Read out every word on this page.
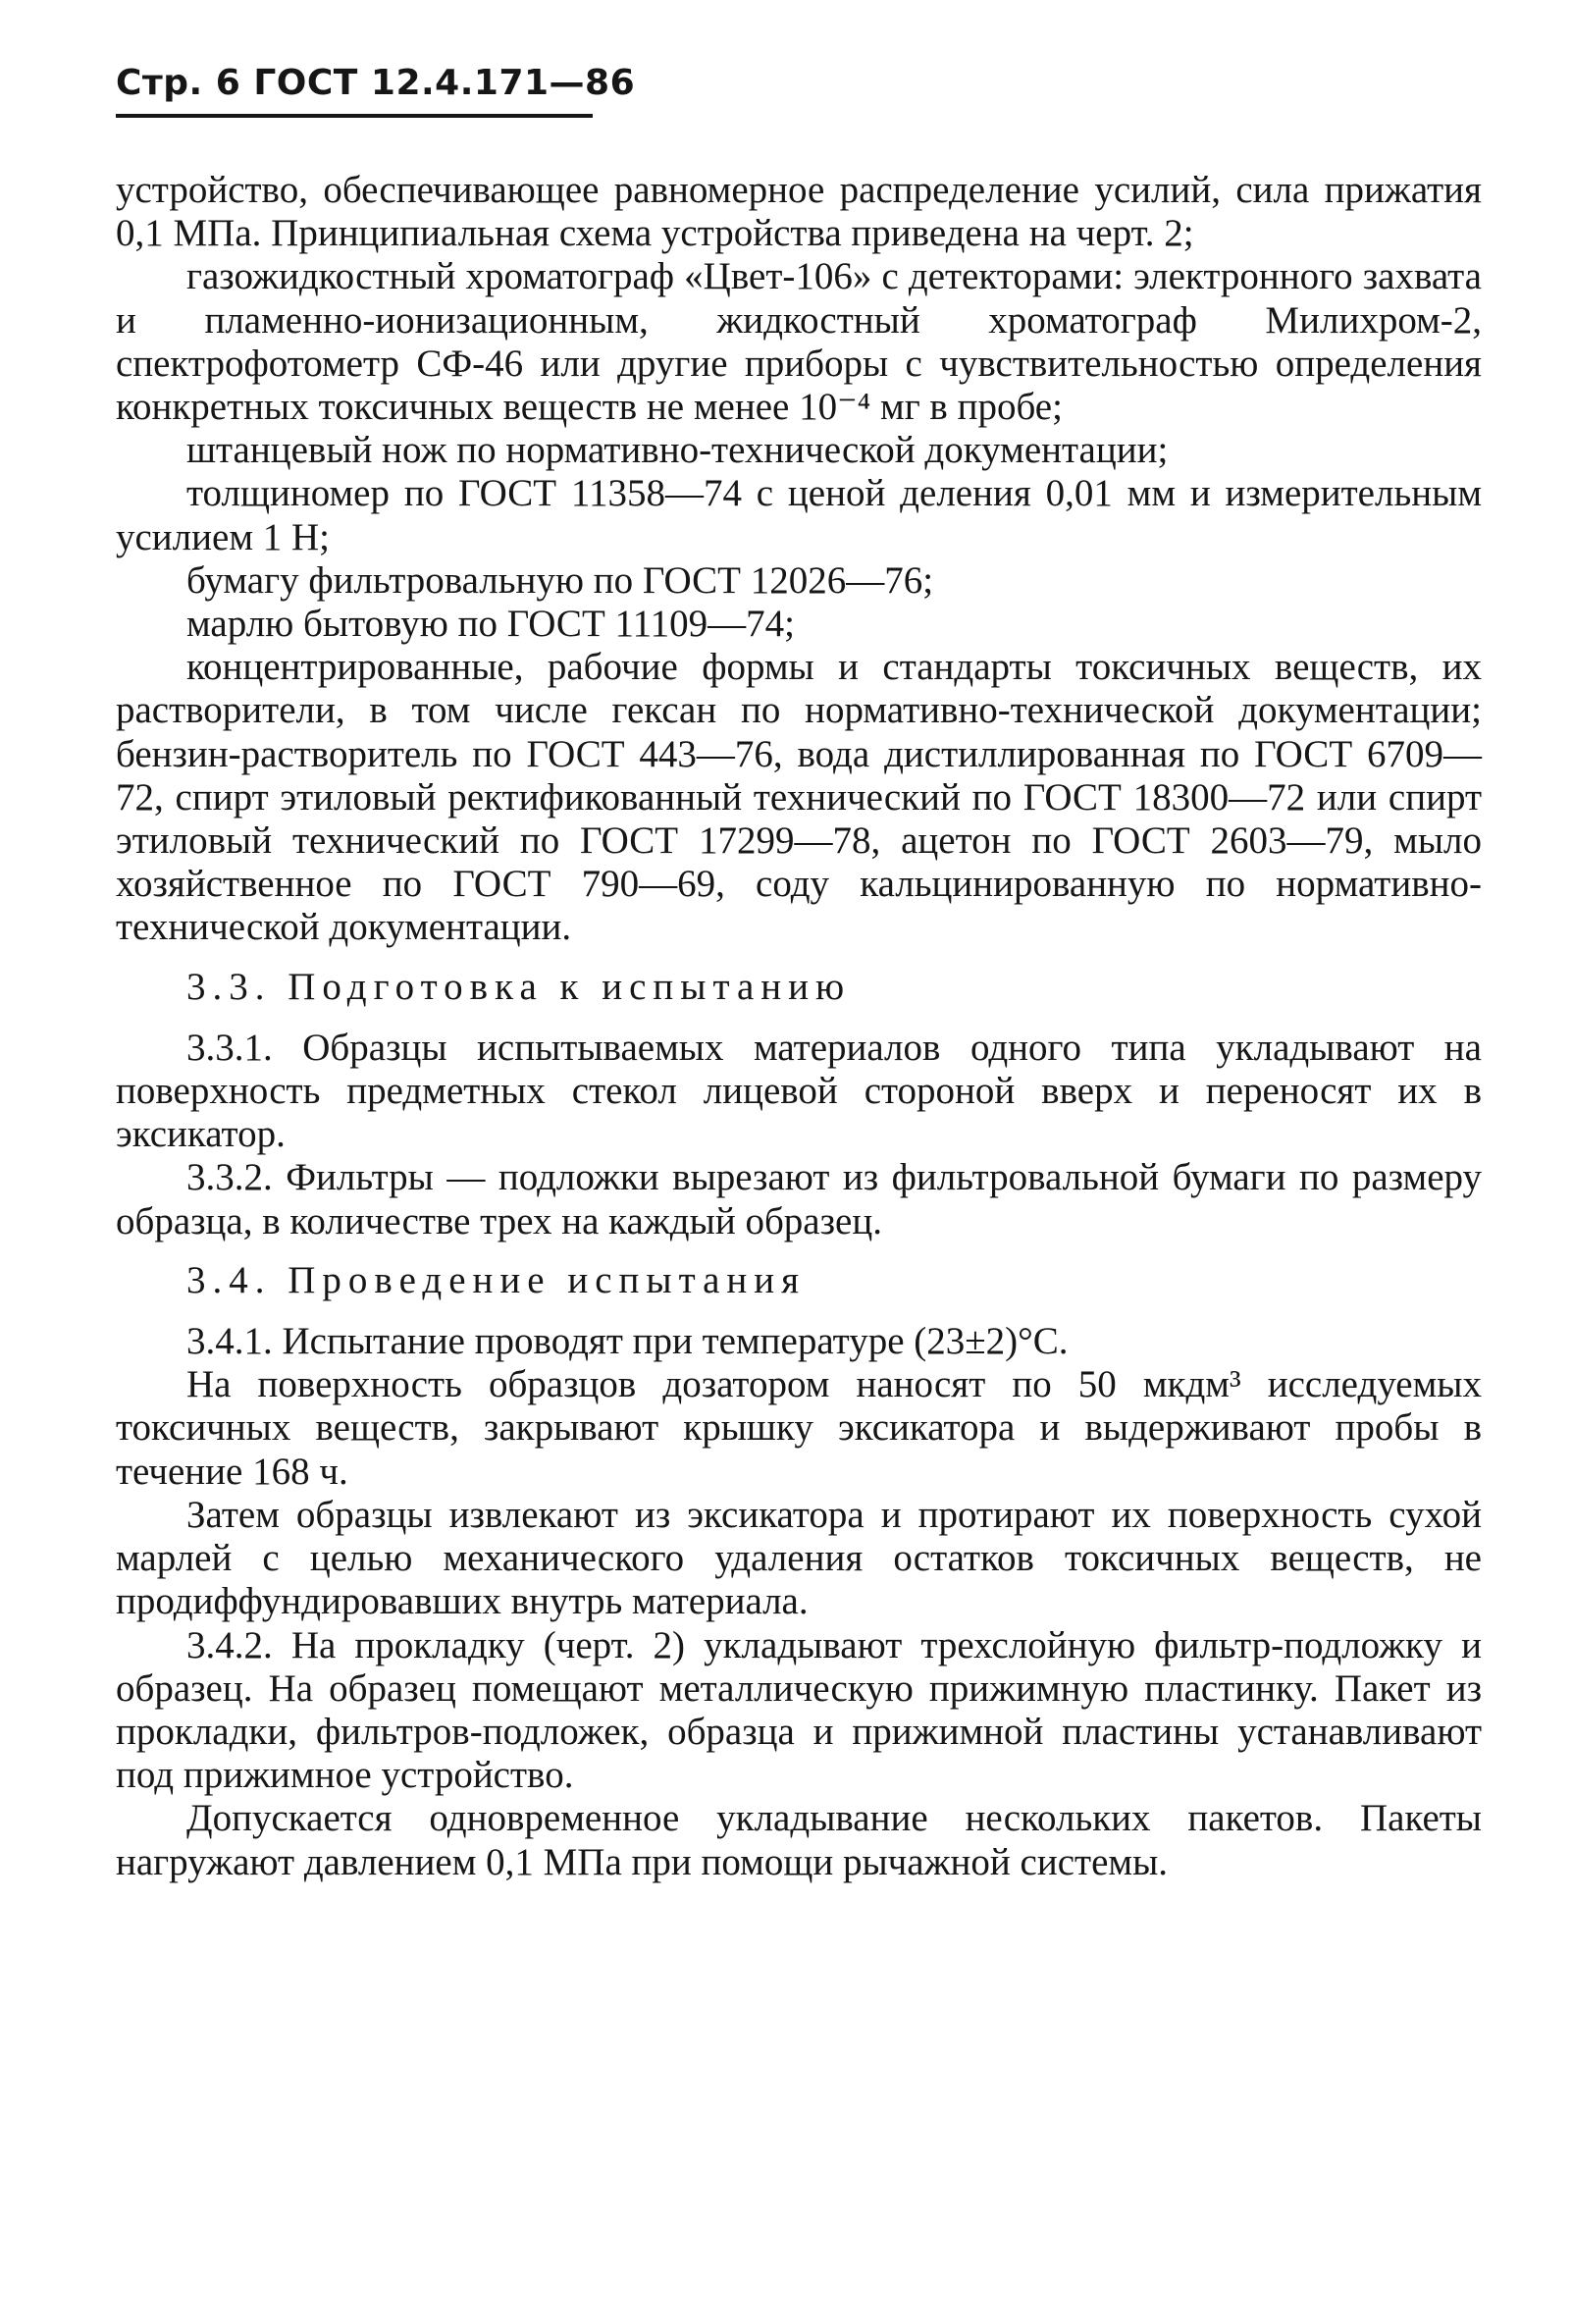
Стр. 6 ГОСТ 12.4.171—86

устройство, обеспечивающее равномерное распределение усилий, сила прижатия 0,1 МПа. Принципиальная схема устройства приведена на черт. 2;

газожидкостный хроматограф «Цвет-106» с детекторами: электронного захвата и пламенно-ионизационным, жидкостный хроматограф Милихром-2, спектрофотометр СФ-46 или другие приборы с чувствительностью определения конкретных токсичных веществ не менее 10⁻⁴ мг в пробе;

штанцевый нож по нормативно-технической документации;

толщиномер по ГОСТ 11358—74 с ценой деления 0,01 мм и измерительным усилием 1 Н;

бумагу фильтровальную по ГОСТ 12026—76;

марлю бытовую по ГОСТ 11109—74;

концентрированные, рабочие формы и стандарты токсичных веществ, их растворители, в том числе гексан по нормативно-технической документации; бензин-растворитель по ГОСТ 443—76, вода дистиллированная по ГОСТ 6709—72, спирт этиловый ректификованный технический по ГОСТ 18300—72 или спирт этиловый технический по ГОСТ 17299—78, ацетон по ГОСТ 2603—79, мыло хозяйственное по ГОСТ 790—69, соду кальцинированную по нормативно-технической документации.

3.3. Подготовка к испытанию

3.3.1. Образцы испытываемых материалов одного типа укладывают на поверхность предметных стекол лицевой стороной вверх и переносят их в эксикатор.

3.3.2. Фильтры — подложки вырезают из фильтровальной бумаги по размеру образца, в количестве трех на каждый образец.

3.4. Проведение испытания

3.4.1. Испытание проводят при температуре (23±2)°С.

На поверхность образцов дозатором наносят по 50 мкдм³ исследуемых токсичных веществ, закрывают крышку эксикатора и выдерживают пробы в течение 168 ч.

Затем образцы извлекают из эксикатора и протирают их поверхность сухой марлей с целью механического удаления остатков токсичных веществ, не продиффундировавших внутрь материала.

3.4.2. На прокладку (черт. 2) укладывают трехслойную фильтр-подложку и образец. На образец помещают металлическую прижимную пластинку. Пакет из прокладки, фильтров-подложек, образца и прижимной пластины устанавливают под прижимное устройство.

Допускается одновременное укладывание нескольких пакетов. Пакеты нагружают давлением 0,1 МПа при помощи рычажной системы.
